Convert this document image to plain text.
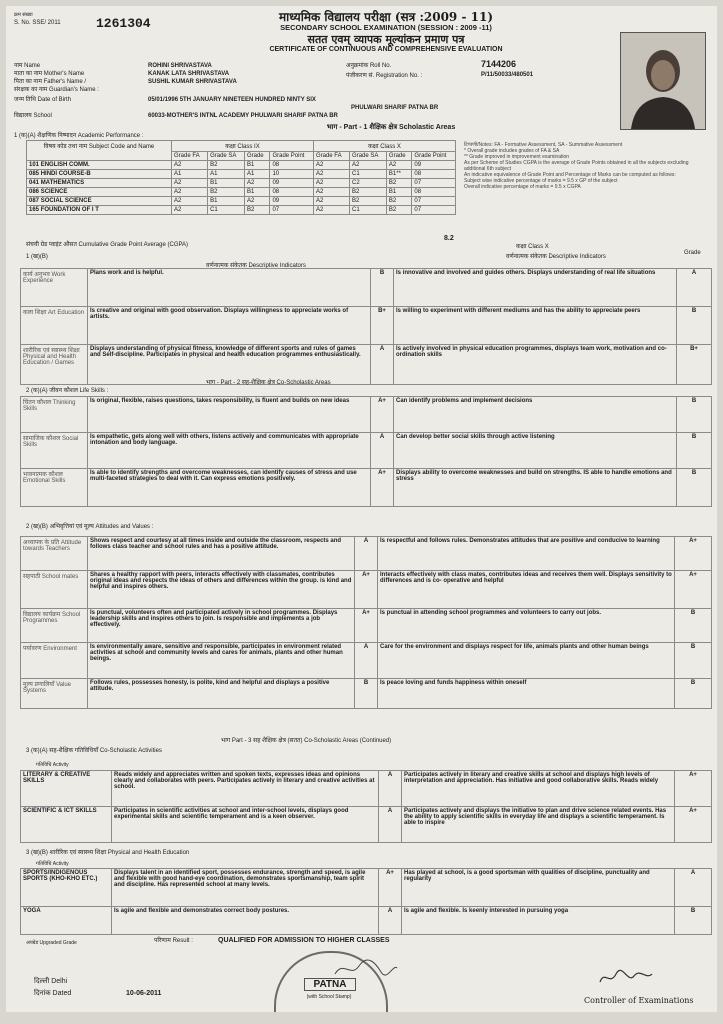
क्रम संख्या
S. No. SSE/ 2011	1261304	माध्यमिक विद्यालय परीक्षा (सत्र :2009 - 11)
SECONDARY SCHOOL EXAMINATION (SESSION : 2009 -11)
सतत एवम् व्यापक मूल्यांकन प्रमाण पत्र
CERTIFICATE OF CONTINUOUS AND COMPREHENSIVE EVALUATION
नाम Name	ROHINI SHRIVASTAVA
माता का नाम Mother's Name	KANAK LATA SHRIVASTAVA
पिता का नाम Father's Name /	SUSHIL KUMAR SHRIVASTAVA
संरक्षक का नाम Guardian's Name :
जन्म तिथि Date of Birth	05/01/1996 5TH JANUARY NINETEEN HUNDRED NINTY SIX
PHULWARI SHARIF PATNA BR
विद्यालय School	60033-MOTHER'S INTNL ACADEMY PHULWARI SHARIF PATNA BR
अनुक्रमांक Roll No.	7144206
पंजीकरण सं. Registration No. :	P/11/50033/480501
भाग - Part - 1 शैक्षिक क्षेत्र Scholastic Areas
1 (क)(A) शैक्षणिक निष्पादन Academic Performance :
विषय कोड तथा नाम Subject Code and Name	कक्षा Class IX				कक्षा Class X			
	Grade FA	Grade SA	Grade	Grade Point	Grade FA	Grade SA	Grade	Grade Point
101 ENGLISH COMM.	A2	B2	B1	08	A2	A2	A2	09
085 HINDI COURSE-B	A1	A1	A1	10	A2	C1	B1**	08
041 MATHEMATICS	A2	B1	A2	09	A2	C2	B2	07
086 SCIENCE	A2	B2	B1	08	A2	B2	B1	08
087 SOCIAL SCIENCE	A2	B1	A2	09	A2	B2	B2	07
165 FOUNDATION OF I T	A2	C1	B2	07	A2	C1	B2	07
टिप्पणी/Notes: FA - Formative Assessment, SA - Summative Assessment
* Overall grade includes grades of FA & SA
** Grade improved in improvement examination
As per Scheme of Studies CGPA is the average of Grade Points obtained in all the subjects excluding additional 6th subject
An indicative equivalence of Grade Point and Percentage of Marks can be computed as follows:
Subject wise indicative percentage of marks = 9.5 x GP of the subject
Overall indicative percentage of marks = 9.5 x CGPA
संचयी ग्रेड प्वाइंट औसत Cumulative Grade Point Average (CGPA)
8.2
1 (ख)(B)
कक्षा Class X
वर्णनात्मक संकेतक Descriptive Indicators
वर्णनात्मक संकेतक Descriptive Indicators
Grade
कार्य अनुभव Work Experience	Plans work and is helpful.	B	Is innovative and involved and guides others. Displays understanding of real life situations	A
कला शिक्षा Art Education	Is creative and original with good observation. Displays willingness to appreciate works of artists.	B+	Is willing to experiment with different mediums and has the ability to appreciate peers	B
शारीरिक एवं स्वास्थ्य शिक्षा Physical and Health Education / Games	Displays understanding of physical fitness, knowledge of different sports and rules of games and Self-discipline. Participates in physical and health education programmes enthusiastically.	A	Is actively involved in physical education programmes, displays team work, motivation and co- ordination skills	B+
भाग - Part - 2 सह-शैक्षिक क्षेत्र Co-Scholastic Areas
2 (क)(A) जीवन कौशल Life Skills :
चिंतन कौशल Thinking Skills	Is original, flexible, raises questions, takes responsibility, is fluent and builds on new ideas	A+	Can identify problems and implement decisions	B
सामाजिक कौशल Social Skills	Is empathetic, gets along well with others, listens actively and communicates with appropriate intonation and body language.	A	Can develop better social skills through active listening	B
भावनात्मक कौशल Emotional Skills	Is able to identify strengths and overcome weaknesses, can identify causes of stress and use multi-faceted strategies to deal with it. Can express emotions positively.	A+	Displays ability to overcome weaknesses and build on strengths. IS able to handle emotions and stress	B
2 (ख)(B) अभिवृत्तियां एवं मूल्य Attitudes and Values :
अध्यापक के प्रति Attitude towards Teachers	Shows respect and courtesy at all times inside and outside the classroom, respects and follows class teacher and school rules and has a positive attitude.	A	Is respectful and follows rules. Demonstrates attitudes that are positive and conducive to learning	A+
सहपाठी School mates	Shares a healthy rapport with peers, interacts effectively with classmates, contributes original ideas and respects the ideas of others and differences within the group. is kind and helpful and inspires others.	A+	Interacts effectively with class mates, contributes ideas and receives them well. Displays sensitivity to differences and is co- operative and helpful	A+
विद्यालय कार्यक्रम School Programmes	Is punctual, volunteers often and participated actively in school programmes. Displays leadership skills and inspires others to join. Is responsible and implements a job effectively.	A+	Is punctual in attending school programmes and volunteers to carry out jobs.	B
पर्यावरण Environment	Is environmentally aware, sensitive and responsible, participates in environment related activities at school and community levels and cares for animals, plants and other human beings.	A	Care for the environment and displays respect for life, animals plants and other human beings	B
मूल्य प्रणालियाँ Value Systems	Follows rules, possesses honesty, is polite, kind and helpful and displays a positive attitude.	B	Is peace loving and funds happiness within oneself	B
भाग Part - 3 सह शैक्षिक क्षेत्र (सतत) Co-Scholastic Areas (Continued)
3 (क)(A) सह-शैक्षिक गतिविधियाँ Co-Scholastic Activities
गतिविधि Activity
LITERARY & CREATIVE SKILLS	Reads widely and appreciates written and spoken texts, expresses ideas and opinions clearly and collaborates with peers. Participates actively in literary and creative activities at school.	A	Participates actively in literary and creative skills at school and displays high levels of interpretation and appreciation. Has initiative and good collaborative skills. Reads widely	A+
SCIENTIFIC & ICT SKILLS	Participates in scientific activities at school and inter-school levels, displays good experimental skills and scientific temperament and is a keen observer.	A	Participates actively and displays the initiative to plan and drive science related events. Has the ability to apply scientific skills in everyday life and displays a scientific temperament. Is able to inspire	A+
3 (ख)(B) शारीरिक एवं स्वास्थ्य शिक्षा Physical and Health Education
गतिविधि Activity
SPORTS/INDIGENOUS SPORTS (KHO-KHO ETC.)	Displays talent in an identified sport, possesses endurance, strength and speed, is agile and flexible with good hand-eye coordination, demonstrates sportsmanship, team spirit and discipline. Has represented school at many levels.	A+	Has played at school, is a good sportsman with qualities of discipline, punctuality and regularity	A
YOGA	Is agile and flexible and demonstrates correct body postures.	A	Is agile and flexible. Is keenly interested in pursuing yoga	B
अपग्रेड Upgraded Grade	परिणाम Result :	QUALIFIED FOR ADMISSION TO HIGHER CLASSES
दिल्ली Delhi
दिनांक Dated	10-06-2011
PATNA
(with School Stamp)	Controller of Examinations
